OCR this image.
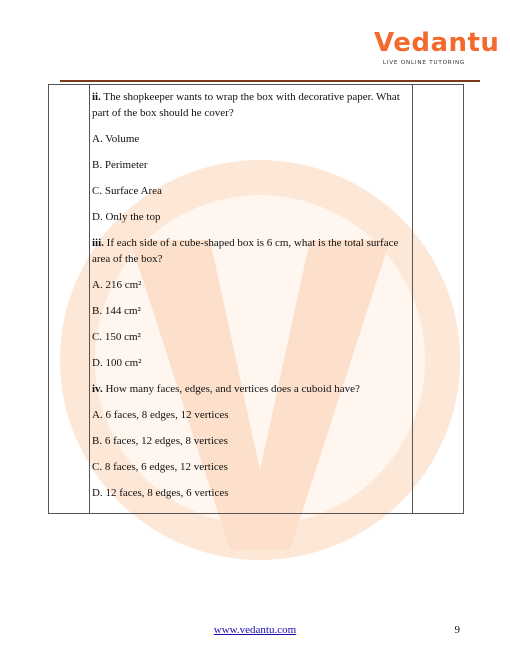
Vedantu
LIVE ONLINE TUTORING

ii. The shopkeeper wants to wrap the box with decorative paper. What part of the box should he cover?

A. Volume

B. Perimeter

C. Surface Area

D. Only the top

iii. If each side of a cube-shaped box is 6 cm, what is the total surface area of the box?

A. 216 cm²

B. 144 cm²

C. 150 cm²

D. 100 cm²

iv. How many faces, edges, and vertices does a cuboid have?

A. 6 faces, 8 edges, 12 vertices

B. 6 faces, 12 edges, 8 vertices

C. 8 faces, 6 edges, 12 vertices

D. 12 faces, 8 edges, 6 vertices

www.vedantu.com	9
